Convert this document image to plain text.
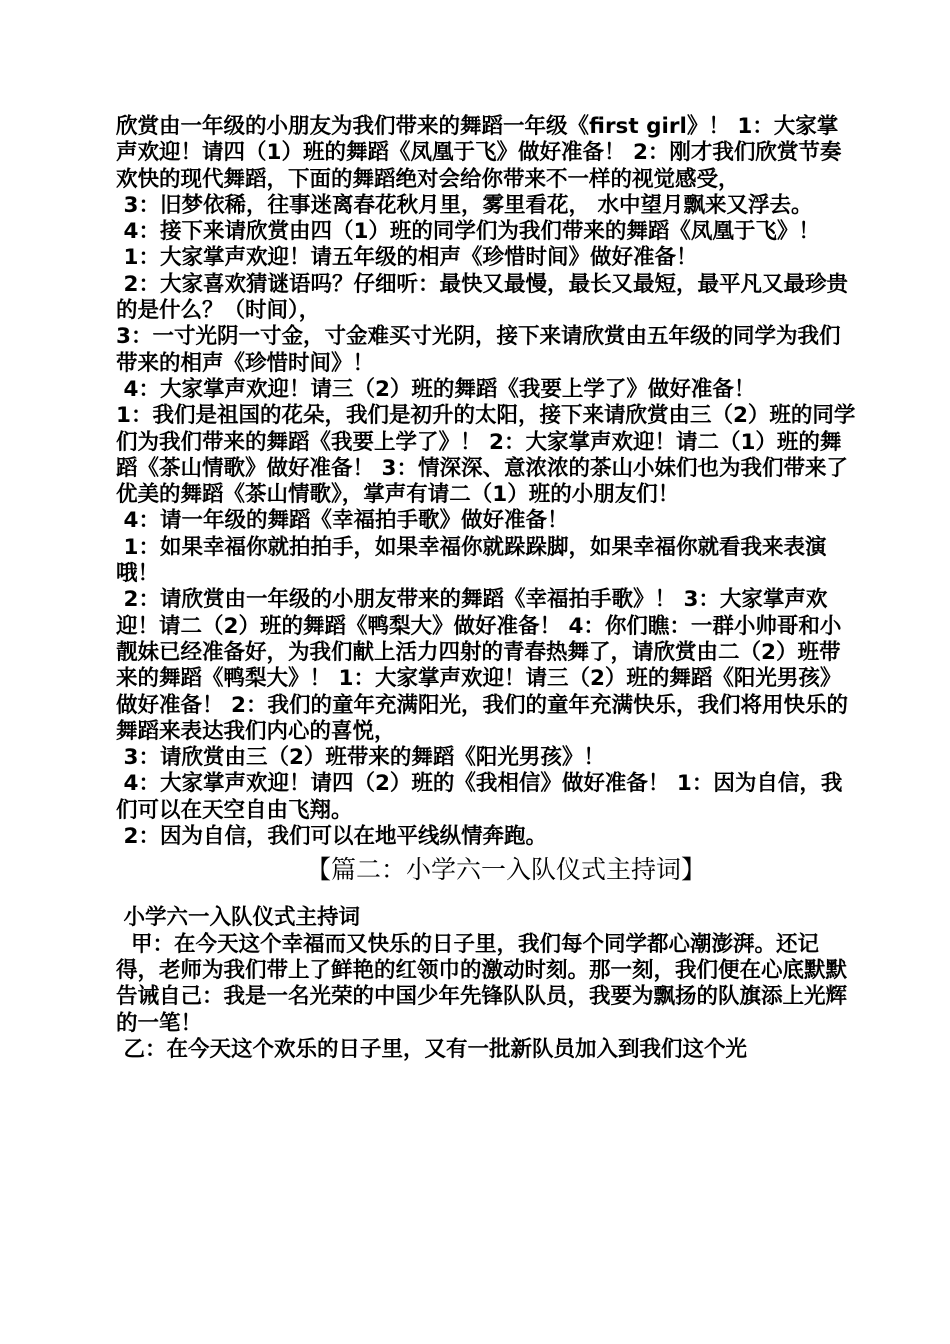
欣赏由一年级的小朋友为我们带来的舞蹈一年级《first girl》！ 1：大家掌声欢迎！请四（1）班的舞蹈《凤凰于飞》做好准备！ 2：刚才我们欣赏节奏欢快的现代舞蹈，下面的舞蹈绝对会给你带来不一样的视觉感受，

3：旧梦依稀，往事迷离春花秋月里，雾里看花， 水中望月飘来又浮去。

4：接下来请欣赏由四（1）班的同学们为我们带来的舞蹈《凤凰于飞》！

1：大家掌声欢迎！请五年级的相声《珍惜时间》做好准备！

2：大家喜欢猜谜语吗？仔细听：最快又最慢，最长又最短，最平凡又最珍贵的是什么？（时间），

3：一寸光阴一寸金，寸金难买寸光阴，接下来请欣赏由五年级的同学为我们带来的相声《珍惜时间》！

4：大家掌声欢迎！请三（2）班的舞蹈《我要上学了》做好准备！

1：我们是祖国的花朵，我们是初升的太阳，接下来请欣赏由三（2）班的同学们为我们带来的舞蹈《我要上学了》！ 2：大家掌声欢迎！请二（1）班的舞蹈《茶山情歌》做好准备！ 3：情深深、意浓浓的茶山小妹们也为我们带来了优美的舞蹈《茶山情歌》，掌声有请二（1）班的小朋友们！

4：请一年级的舞蹈《幸福拍手歌》做好准备！

1：如果幸福你就拍拍手，如果幸福你就跺跺脚，如果幸福你就看我来表演哦！

2：请欣赏由一年级的小朋友带来的舞蹈《幸福拍手歌》！ 3：大家掌声欢迎！请二（2）班的舞蹈《鸭梨大》做好准备！ 4：你们瞧：一群小帅哥和小靓妹已经准备好，为我们献上活力四射的青春热舞了，请欣赏由二（2）班带来的舞蹈《鸭梨大》！ 1：大家掌声欢迎！请三（2）班的舞蹈《阳光男孩》做好准备！ 2：我们的童年充满阳光，我们的童年充满快乐，我们将用快乐的舞蹈来表达我们内心的喜悦，

3：请欣赏由三（2）班带来的舞蹈《阳光男孩》！

4：大家掌声欢迎！请四（2）班的《我相信》做好准备！ 1：因为自信，我们可以在天空自由飞翔。

2：因为自信，我们可以在地平线纵情奔跑。

【篇二：小学六一入队仪式主持词】

小学六一入队仪式主持词

甲：在今天这个幸福而又快乐的日子里，我们每个同学都心潮澎湃。还记得，老师为我们带上了鲜艳的红领巾的激动时刻。那一刻，我们便在心底默默告诫自己：我是一名光荣的中国少年先锋队队员，我要为飘扬的队旗添上光辉的一笔！

乙：在今天这个欢乐的日子里，又有一批新队员加入到我们这个光
